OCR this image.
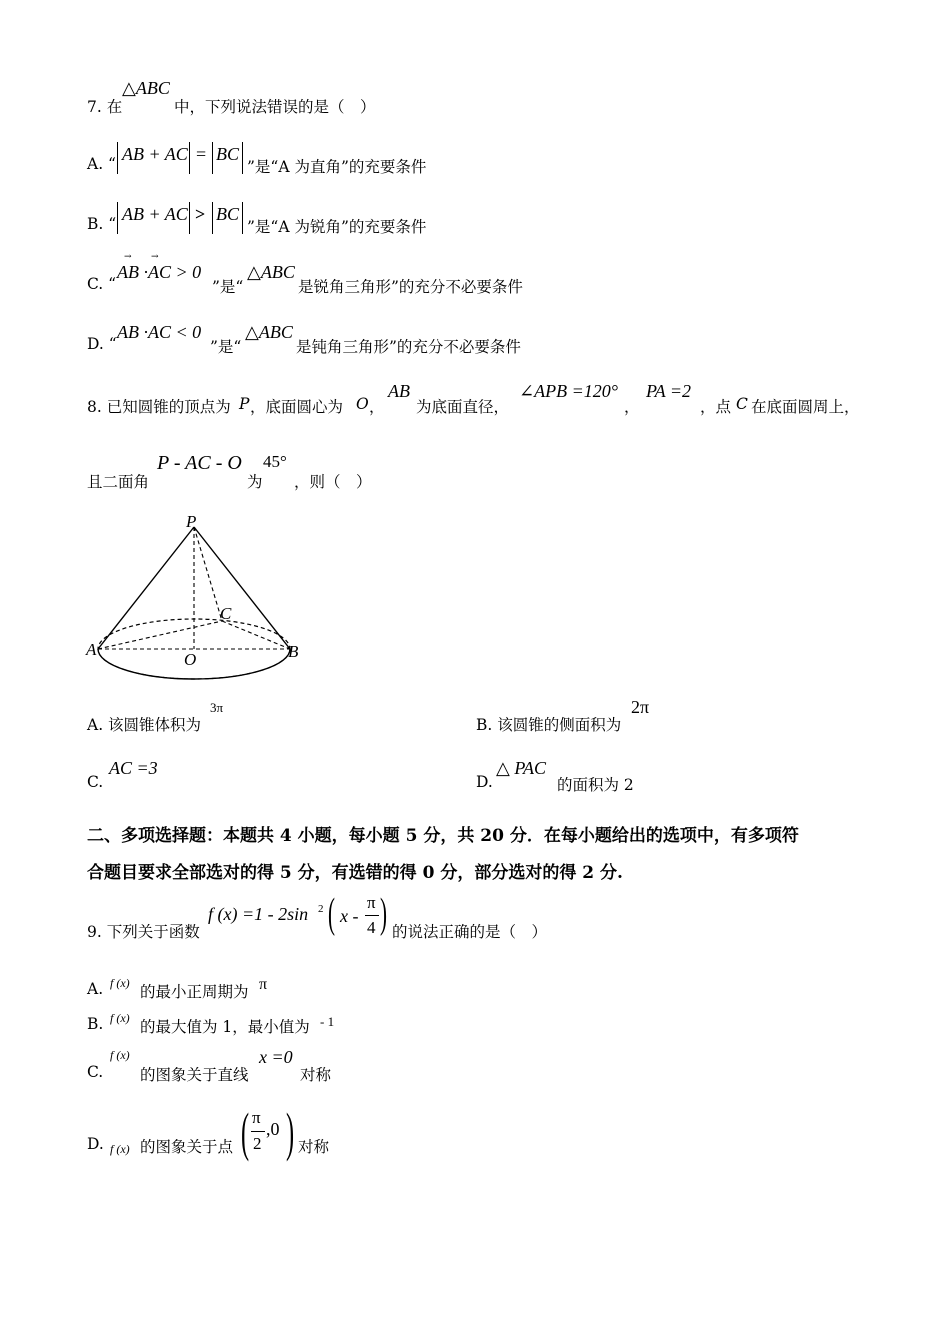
7. 在
△ABC
中，下列说法错误的是（　）
A. “ AB + AC = BC
”是“A 为直角”的充要条件
B. “ AB + AC > BC
”是“A 为锐角”的充要条件
C. “
→ →
AB ·AC > 0
”是“
△ABC
是锐角三角形”的充分不必要条件
D. “
AB ·AC < 0
”是“
△ABC
是钝角三角形”的充分不必要条件
8. 已知圆锥的顶点为 P ，底面圆心为 O ，
AB
为底面直径，
∠APB =120°
，
PA =2
，点 C 在底面圆周上，
且二面角
P - AC - O
为
45°
，则（　）
P
C
A
O	B
A. 该圆锥体积为
3π
B. 该圆锥的侧面积为
2π
C.
AC =3
D.
△ PAC
的面积为 2
二、多项选择题：本题共 4 小题，每小题 5 分，共 20 分．在每小题给出的选项中，有多项符
合题目要求全部选对的得 5 分，有选错的得 0 分，部分选对的得 2 分.
9. 下列关于函数
f (x) =1 - 2sin 2 ( x -
π
4 ) 的说法正确的是（　）
A. f (x) 的最小正周期为 π
B. f (x) 的最大值为 1，最小值为 - 1
C.
f (x)
的图象关于直线
x =0
对称
D. f (x) 的图象关于点 ( π
2
,0 ) 对称
